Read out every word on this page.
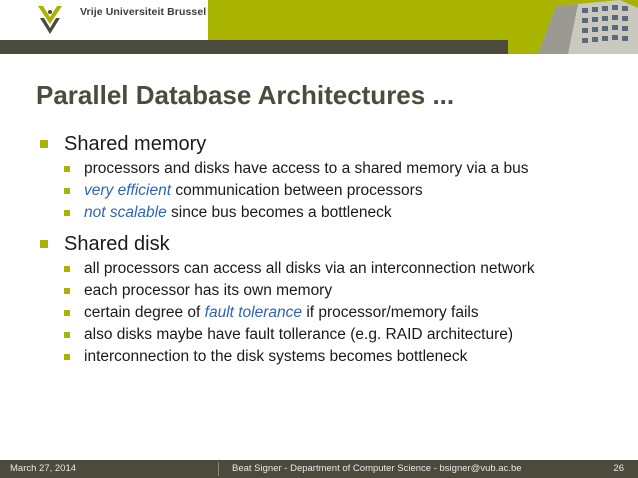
Vrije Universiteit Brussel
Parallel Database Architectures ...
Shared memory
processors and disks have access to a shared memory via a bus
very efficient communication between processors
not scalable since bus becomes a bottleneck
Shared disk
all processors can access all disks via an interconnection network
each processor has its own memory
certain degree of fault tolerance if processor/memory fails
also disks maybe have fault tollerance (e.g. RAID architecture)
interconnection to the disk systems becomes bottleneck
March 27, 2014	Beat Signer - Department of Computer Science - bsigner@vub.ac.be	26
